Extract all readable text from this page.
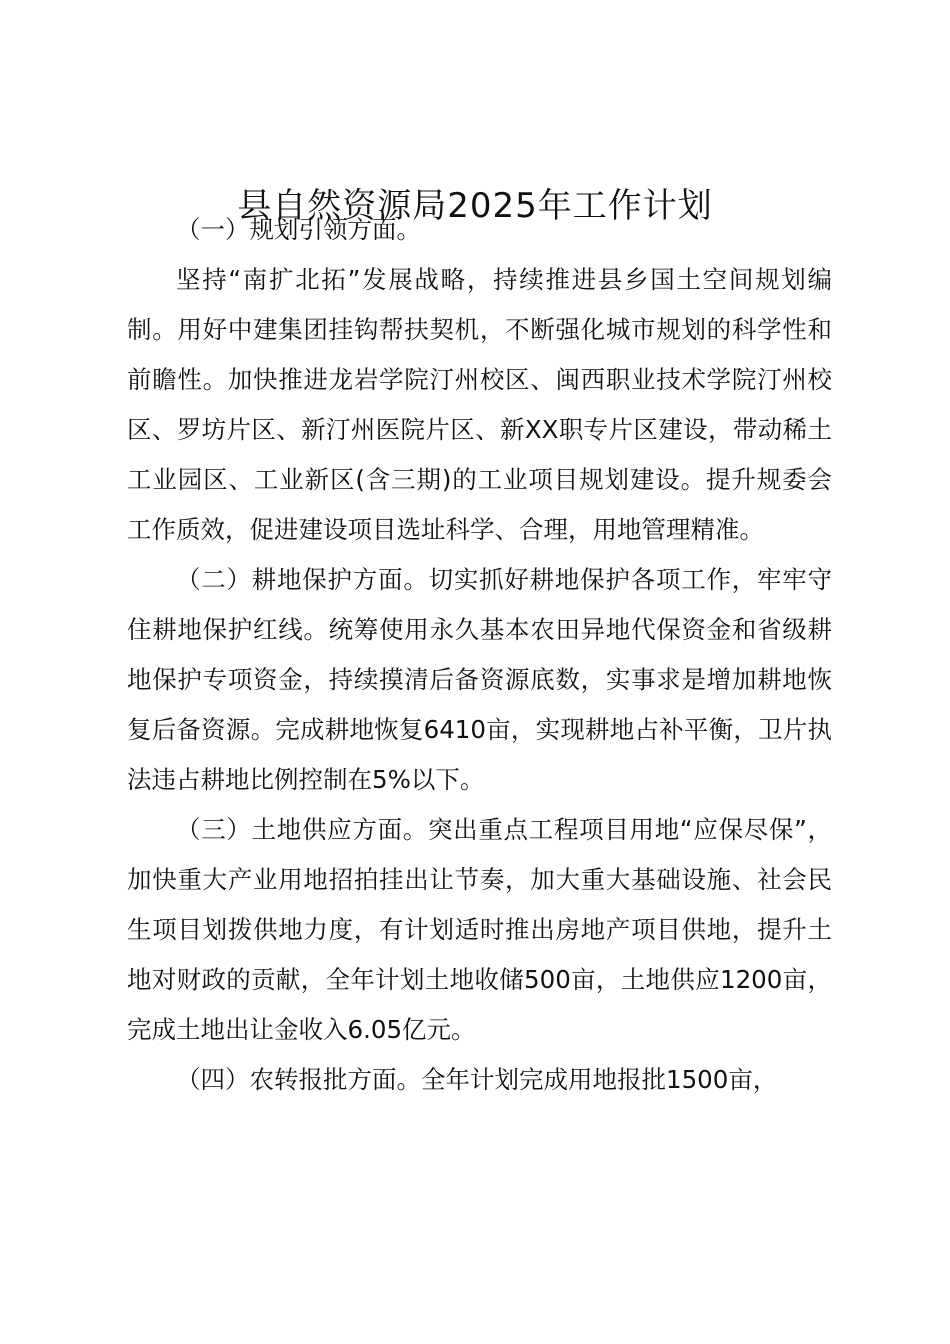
县自然资源局2025年工作计划

（一）规划引领方面。

坚持“南扩北拓”发展战略，持续推进县乡国土空间规划编制。用好中建集团挂钩帮扶契机，不断强化城市规划的科学性和前瞻性。加快推进龙岩学院汀州校区、闽西职业技术学院汀州校区、罗坊片区、新汀州医院片区、新XX职专片区建设，带动稀土工业园区、工业新区(含三期)的工业项目规划建设。提升规委会工作质效，促进建设项目选址科学、合理，用地管理精准。

（二）耕地保护方面。切实抓好耕地保护各项工作，牢牢守住耕地保护红线。统筹使用永久基本农田异地代保资金和省级耕地保护专项资金，持续摸清后备资源底数，实事求是增加耕地恢复后备资源。完成耕地恢复6410亩，实现耕地占补平衡，卫片执法违占耕地比例控制在5%以下。

（三）土地供应方面。突出重点工程项目用地“应保尽保”，加快重大产业用地招拍挂出让节奏，加大重大基础设施、社会民生项目划拨供地力度，有计划适时推出房地产项目供地，提升土地对财政的贡献，全年计划土地收储500亩，土地供应1200亩，完成土地出让金收入6.05亿元。

（四）农转报批方面。全年计划完成用地报批1500亩，
